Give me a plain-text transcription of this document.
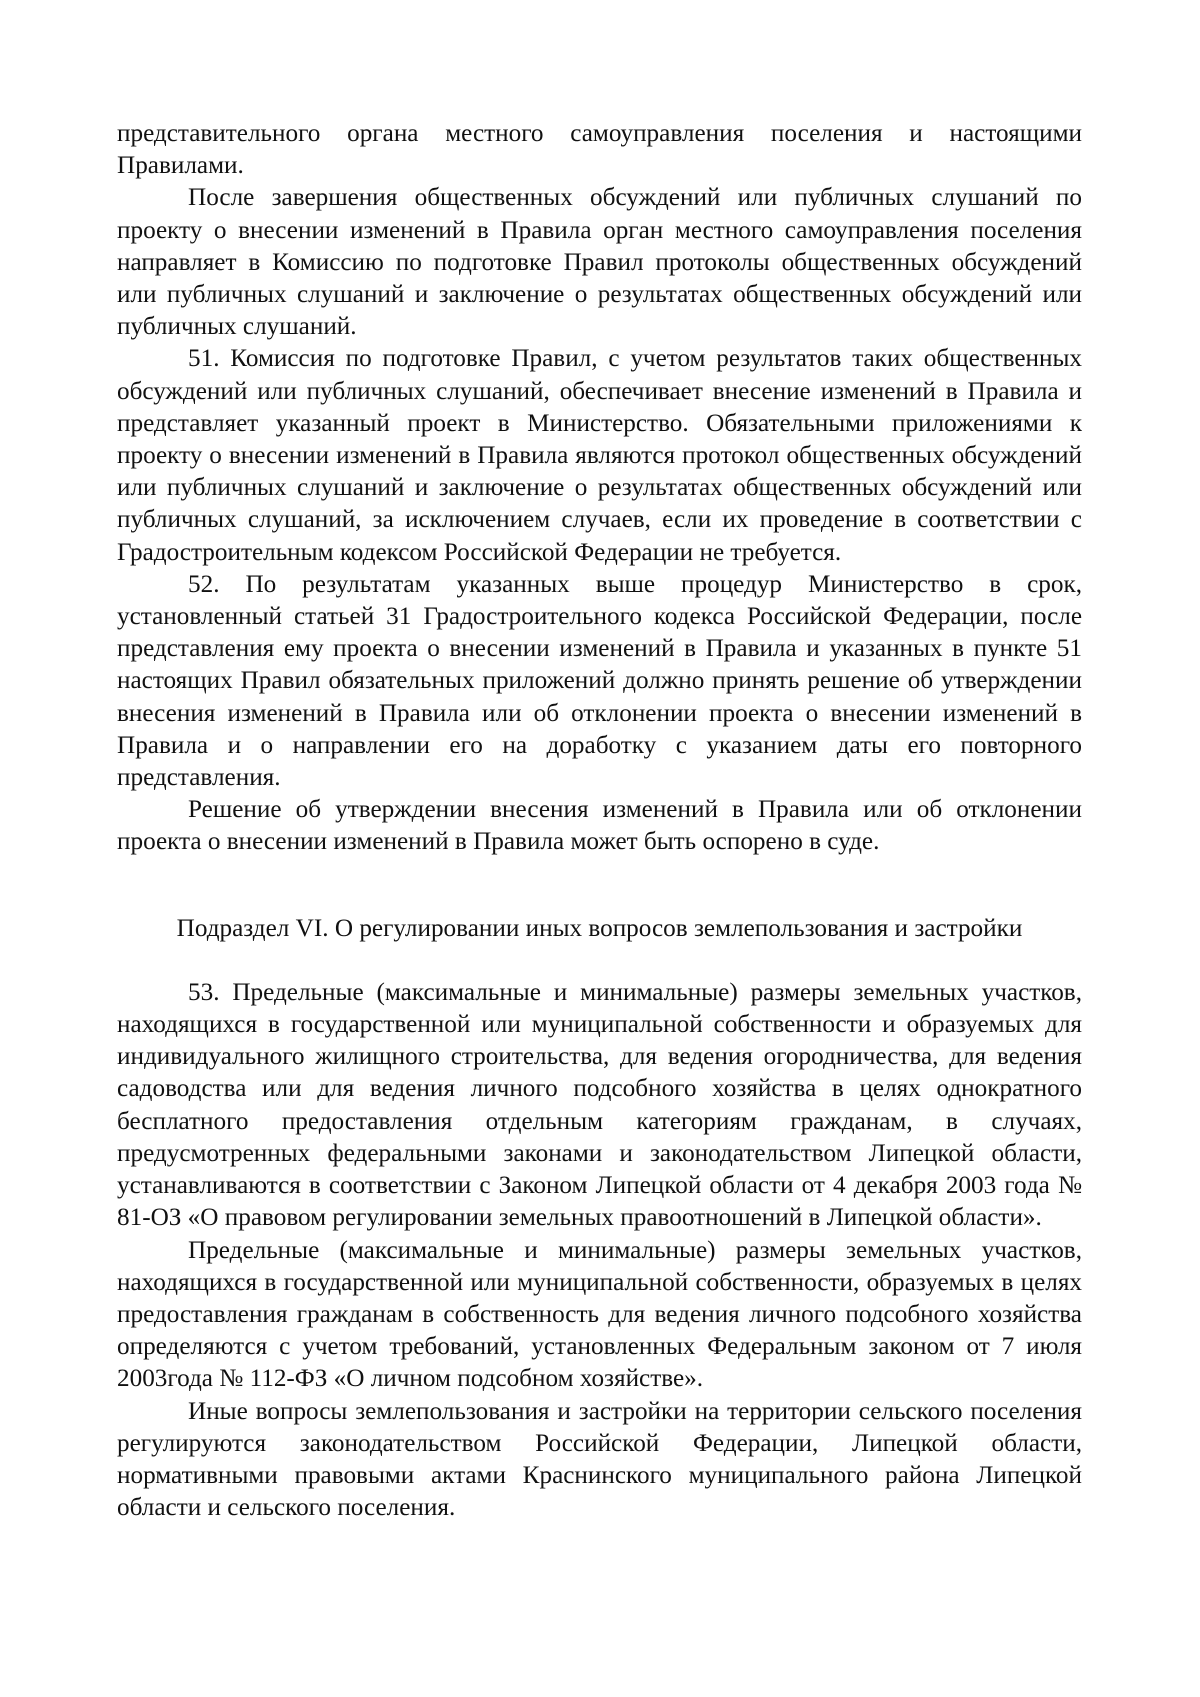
представительного органа местного самоуправления поселения и настоящими Правилами.

После завершения общественных обсуждений или публичных слушаний по проекту о внесении изменений в Правила орган местного самоуправления поселения направляет в Комиссию по подготовке Правил протоколы общественных обсуждений или публичных слушаний и заключение о результатах общественных обсуждений или публичных слушаний.

51. Комиссия по подготовке Правил, с учетом результатов таких общественных обсуждений или публичных слушаний, обеспечивает внесение изменений в Правила и представляет указанный проект в Министерство. Обязательными приложениями к проекту о внесении изменений в Правила являются протокол общественных обсуждений или публичных слушаний и заключение о результатах общественных обсуждений или публичных слушаний, за исключением случаев, если их проведение в соответствии с Градостроительным кодексом Российской Федерации не требуется.

52. По результатам указанных выше процедур Министерство в срок, установленный статьей 31 Градостроительного кодекса Российской Федерации, после представления ему проекта о внесении изменений в Правила и указанных в пункте 51 настоящих Правил обязательных приложений должно принять решение об утверждении внесения изменений в Правила или об отклонении проекта о внесении изменений в Правила и о направлении его на доработку с указанием даты его повторного представления.

Решение об утверждении внесения изменений в Правила или об отклонении проекта о внесении изменений в Правила может быть оспорено в суде.

Подраздел VI. О регулировании иных вопросов землепользования и застройки

53. Предельные (максимальные и минимальные) размеры земельных участков, находящихся в государственной или муниципальной собственности и образуемых для индивидуального жилищного строительства, для ведения огородничества, для ведения садоводства или для ведения личного подсобного хозяйства в целях однократного бесплатного предоставления отдельным категориям гражданам, в случаях, предусмотренных федеральными законами и законодательством Липецкой области, устанавливаются в соответствии с Законом Липецкой области от 4 декабря 2003 года № 81-ОЗ «О правовом регулировании земельных правоотношений в Липецкой области».

Предельные (максимальные и минимальные) размеры земельных участков, находящихся в государственной или муниципальной собственности, образуемых в целях предоставления гражданам в собственность для ведения личного подсобного хозяйства определяются с учетом требований, установленных Федеральным законом от 7 июля 2003года № 112-ФЗ «О личном подсобном хозяйстве».

Иные вопросы землепользования и застройки на территории сельского поселения регулируются законодательством Российской Федерации, Липецкой области, нормативными правовыми актами Краснинского муниципального района Липецкой области и сельского поселения.
